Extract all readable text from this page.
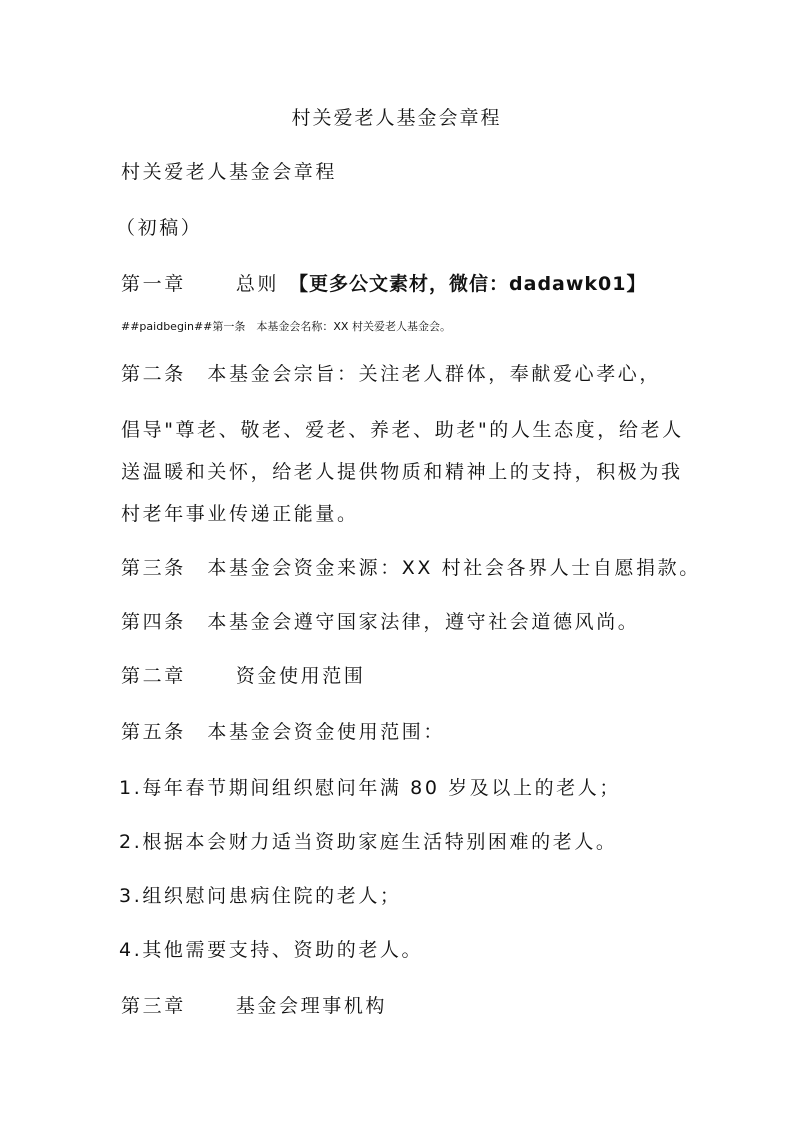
村关爱老人基金会章程
村关爱老人基金会章程
（初稿）
第一章	总则 【更多公文素材，微信：dadawk01】
##paidbegin##第一条　本基金会名称：XX 村关爱老人基金会。
第二条　本基金会宗旨：关注老人群体，奉献爱心孝心，
倡导"尊老、敬老、爱老、养老、助老"的人生态度，给老人
送温暖和关怀，给老人提供物质和精神上的支持，积极为我
村老年事业传递正能量。
第三条　本基金会资金来源：XX 村社会各界人士自愿捐款。
第四条　本基金会遵守国家法律，遵守社会道德风尚。
第二章	资金使用范围
第五条　本基金会资金使用范围：
1.每年春节期间组织慰问年满 80 岁及以上的老人；
2.根据本会财力适当资助家庭生活特别困难的老人。
3.组织慰问患病住院的老人；
4.其他需要支持、资助的老人。
第三章	基金会理事机构
